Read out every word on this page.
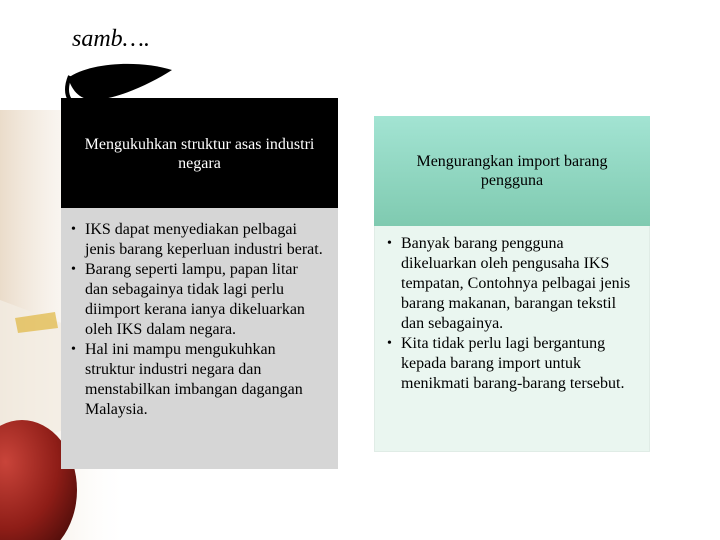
samb….
Mengukuhkan struktur asas industri negara
• IKS dapat menyediakan pelbagai jenis barang keperluan industri berat.
• Barang seperti lampu, papan litar dan sebagainya tidak lagi perlu diimport kerana ianya dikeluarkan oleh IKS dalam negara.
• Hal ini mampu mengukuhkan struktur industri negara dan menstabilkan imbangan dagangan Malaysia.
Mengurangkan import barang pengguna
• Banyak barang pengguna dikeluarkan oleh pengusaha IKS tempatan, Contohnya pelbagai jenis barang makanan, barangan tekstil dan sebagainya.
• Kita tidak perlu lagi bergantung kepada barang import untuk menikmati barang-barang tersebut.
